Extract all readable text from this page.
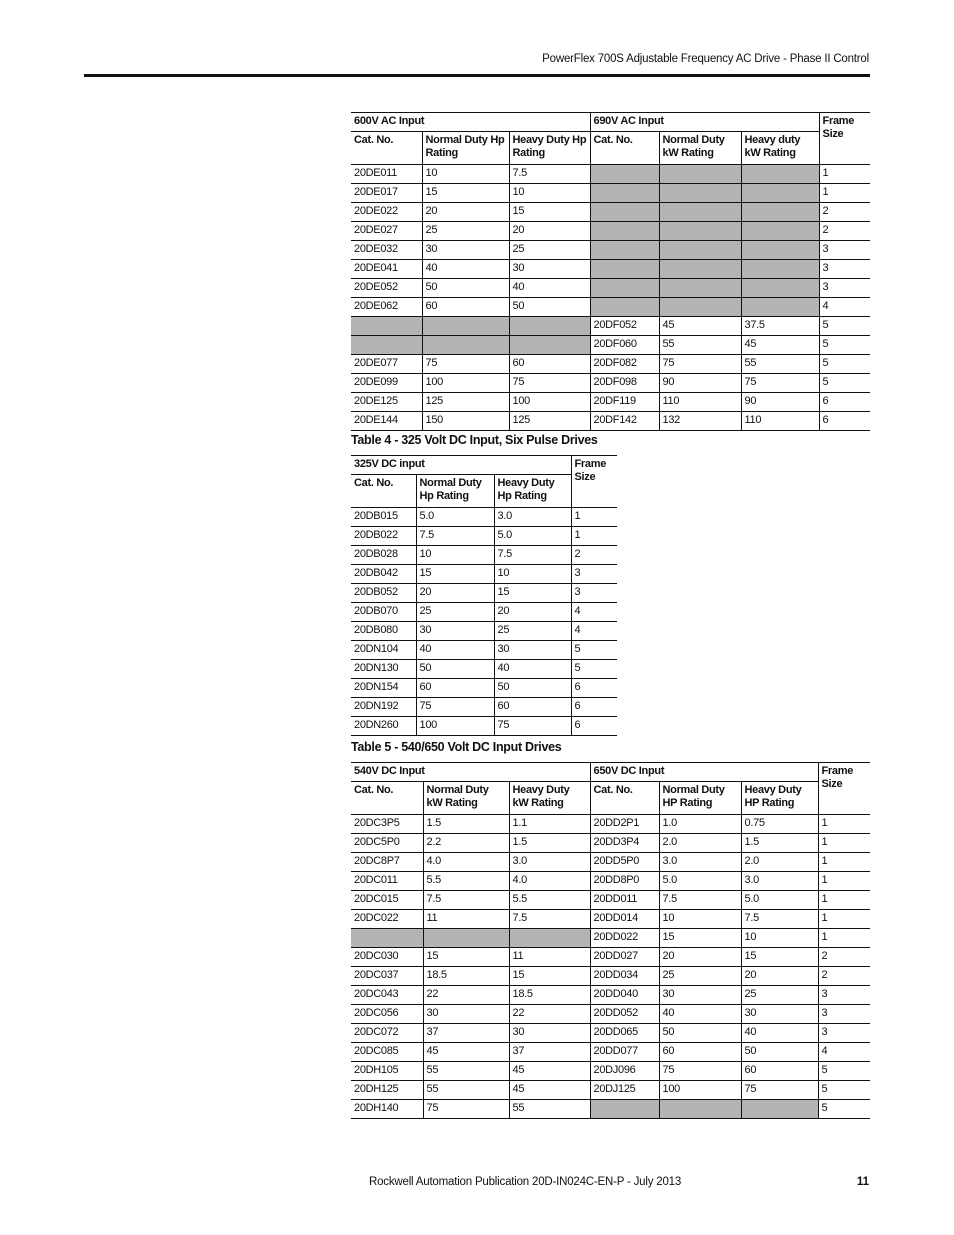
PowerFlex 700S Adjustable Frequency AC Drive - Phase II Control
600V AC Input			690V AC Input			Frame Size
Cat. No.	Normal Duty Hp Rating	Heavy Duty Hp Rating	Cat. No.	Normal Duty kW Rating	Heavy duty kW Rating	
20DE011	10	7.5				1
20DE017	15	10				1
20DE022	20	15				2
20DE027	25	20				2
20DE032	30	25				3
20DE041	40	30				3
20DE052	50	40				3
20DE062	60	50				4
			20DF052	45	37.5	5
			20DF060	55	45	5
20DE077	75	60	20DF082	75	55	5
20DE099	100	75	20DF098	90	75	5
20DE125	125	100	20DF119	110	90	6
20DE144	150	125	20DF142	132	110	6
Table 4 - 325 Volt DC Input, Six Pulse Drives
325V DC input			Frame Size
Cat. No.	Normal Duty Hp Rating	Heavy Duty Hp Rating	
20DB015	5.0	3.0	1
20DB022	7.5	5.0	1
20DB028	10	7.5	2
20DB042	15	10	3
20DB052	20	15	3
20DB070	25	20	4
20DB080	30	25	4
20DN104	40	30	5
20DN130	50	40	5
20DN154	60	50	6
20DN192	75	60	6
20DN260	100	75	6
Table 5 - 540/650 Volt DC Input Drives
540V DC Input			650V DC Input			Frame Size
Cat. No.	Normal Duty kW Rating	Heavy Duty kW Rating	Cat. No.	Normal Duty HP Rating	Heavy Duty HP Rating	
20DC3P5	1.5	1.1	20DD2P1	1.0	0.75	1
20DC5P0	2.2	1.5	20DD3P4	2.0	1.5	1
20DC8P7	4.0	3.0	20DD5P0	3.0	2.0	1
20DC011	5.5	4.0	20DD8P0	5.0	3.0	1
20DC015	7.5	5.5	20DD011	7.5	5.0	1
20DC022	11	7.5	20DD014	10	7.5	1
			20DD022	15	10	1
20DC030	15	11	20DD027	20	15	2
20DC037	18.5	15	20DD034	25	20	2
20DC043	22	18.5	20DD040	30	25	3
20DC056	30	22	20DD052	40	30	3
20DC072	37	30	20DD065	50	40	3
20DC085	45	37	20DD077	60	50	4
20DH105	55	45	20DJ096	75	60	5
20DH125	55	45	20DJ125	100	75	5
20DH140	75	55				5
Rockwell Automation Publication 20D-IN024C-EN-P - July 2013	11
